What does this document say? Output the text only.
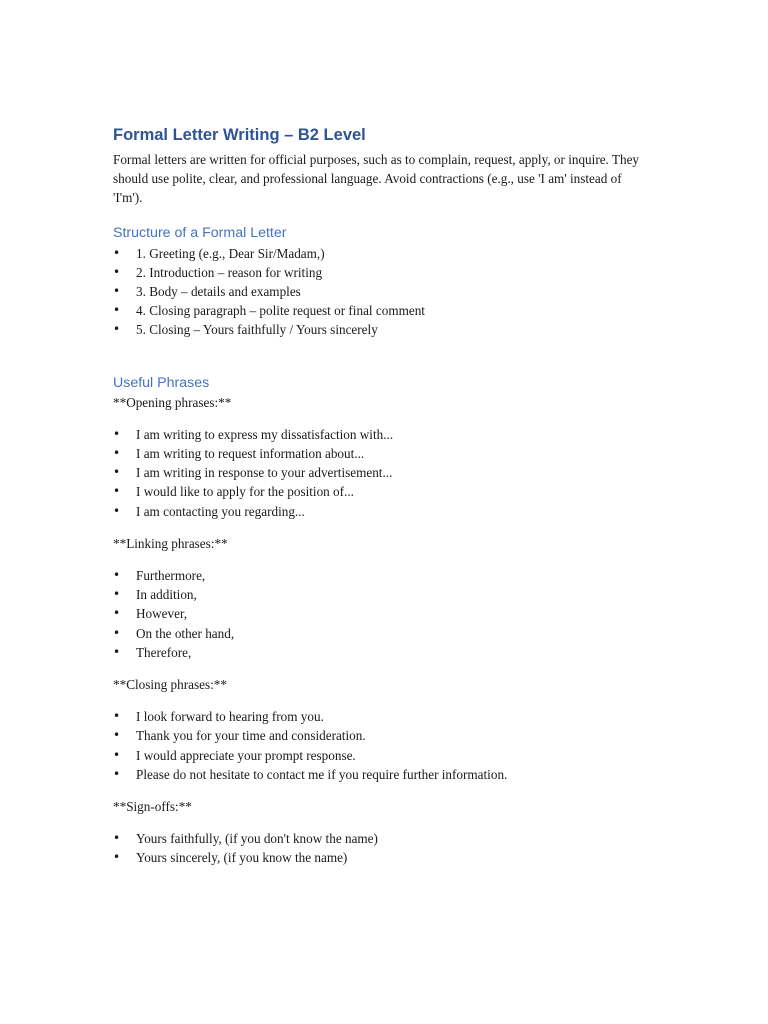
Formal Letter Writing – B2 Level

Formal letters are written for official purposes, such as to complain, request, apply, or inquire. They should use polite, clear, and professional language. Avoid contractions (e.g., use 'I am' instead of 'I'm').

Structure of a Formal Letter
• 1. Greeting (e.g., Dear Sir/Madam,)
• 2. Introduction – reason for writing
• 3. Body – details and examples
• 4. Closing paragraph – polite request or final comment
• 5. Closing – Yours faithfully / Yours sincerely
Useful Phrases

**Opening phrases:**

• I am writing to express my dissatisfaction with...
• I am writing to request information about...
• I am writing in response to your advertisement...
• I would like to apply for the position of...
• I am contacting you regarding...

**Linking phrases:**

• Furthermore,
• In addition,
• However,
• On the other hand,
• Therefore,

**Closing phrases:**

• I look forward to hearing from you.
• Thank you for your time and consideration.
• I would appreciate your prompt response.
• Please do not hesitate to contact me if you require further information.

**Sign-offs:**

• Yours faithfully, (if you don't know the name)
• Yours sincerely, (if you know the name)
